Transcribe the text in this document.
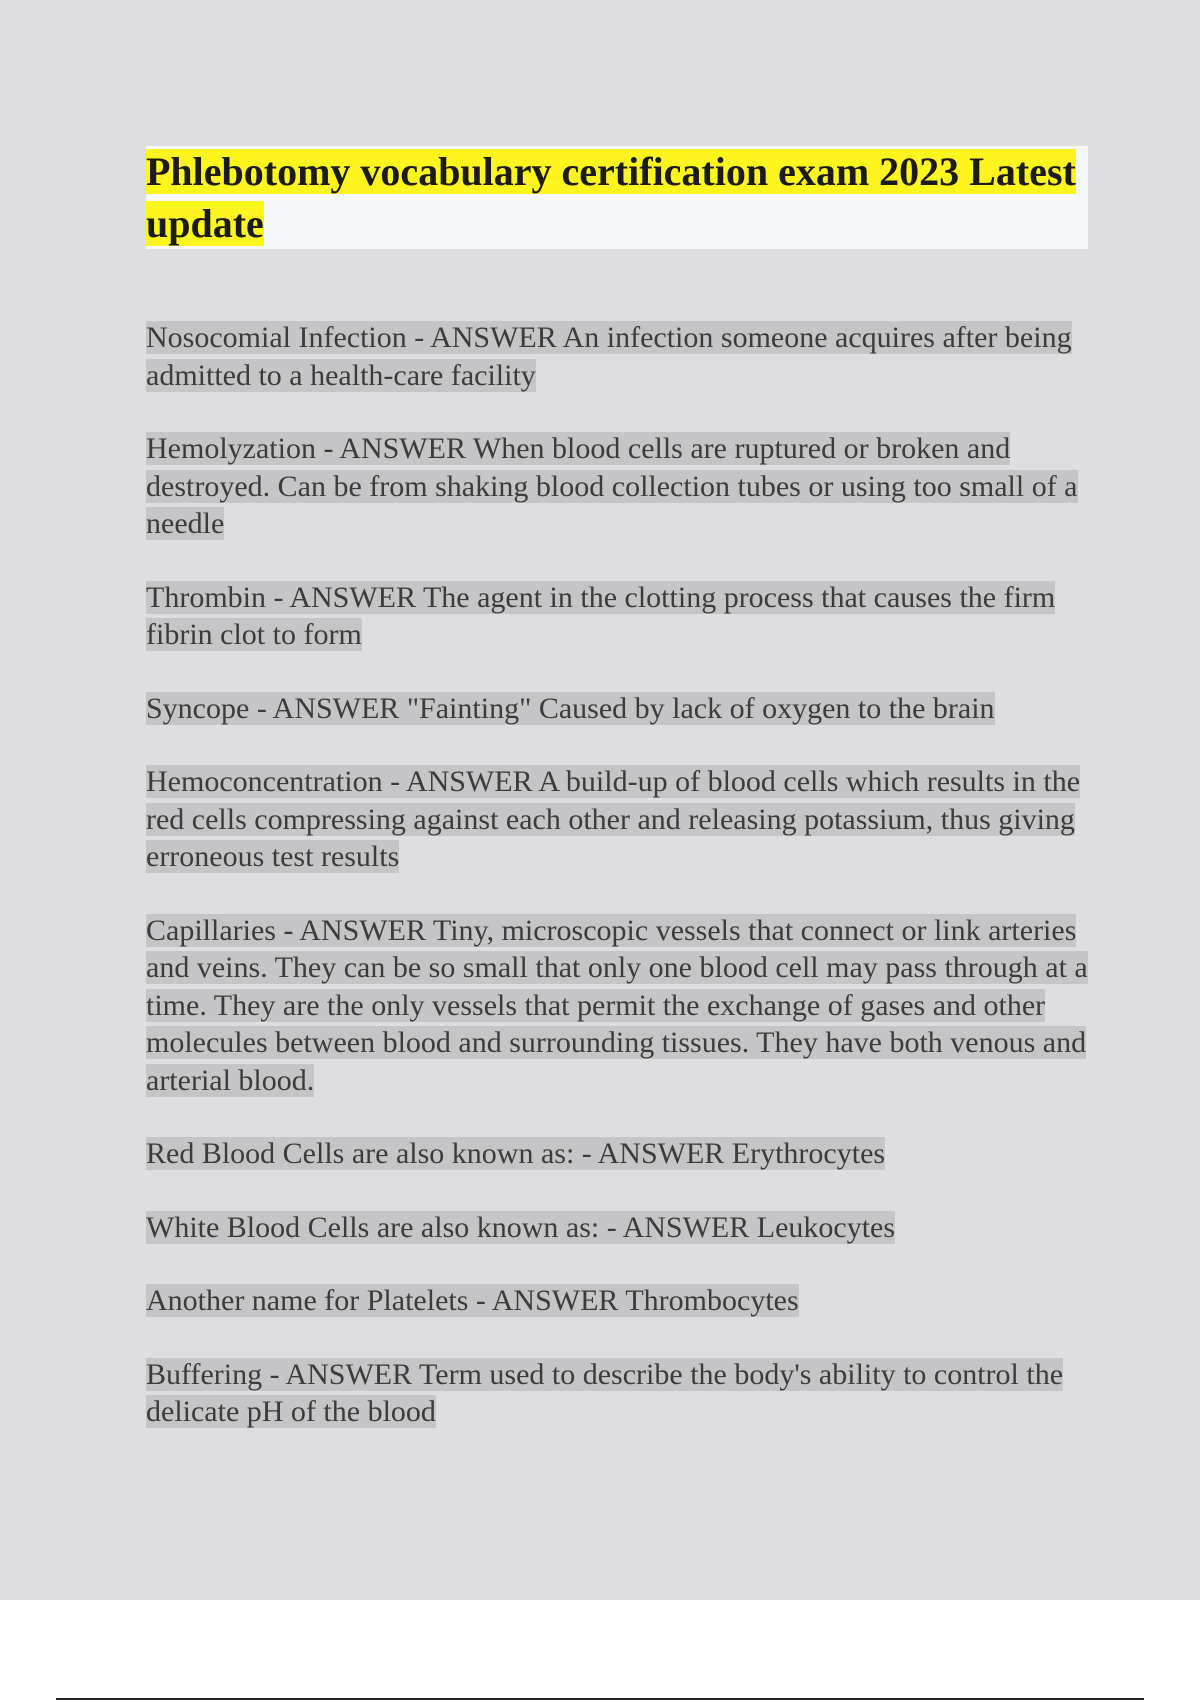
Phlebotomy vocabulary certification exam 2023 Latest update

Nosocomial Infection - ANSWER An infection someone acquires after being admitted to a health-care facility

Hemolyzation - ANSWER When blood cells are ruptured or broken and destroyed. Can be from shaking blood collection tubes or using too small of a needle

Thrombin - ANSWER The agent in the clotting process that causes the firm fibrin clot to form

Syncope - ANSWER "Fainting" Caused by lack of oxygen to the brain

Hemoconcentration - ANSWER A build-up of blood cells which results in the red cells compressing against each other and releasing potassium, thus giving erroneous test results

Capillaries - ANSWER Tiny, microscopic vessels that connect or link arteries and veins. They can be so small that only one blood cell may pass through at a time. They are the only vessels that permit the exchange of gases and other molecules between blood and surrounding tissues. They have both venous and arterial blood.

Red Blood Cells are also known as: - ANSWER Erythrocytes

White Blood Cells are also known as: - ANSWER Leukocytes

Another name for Platelets - ANSWER Thrombocytes

Buffering - ANSWER Term used to describe the body's ability to control the delicate pH of the blood
